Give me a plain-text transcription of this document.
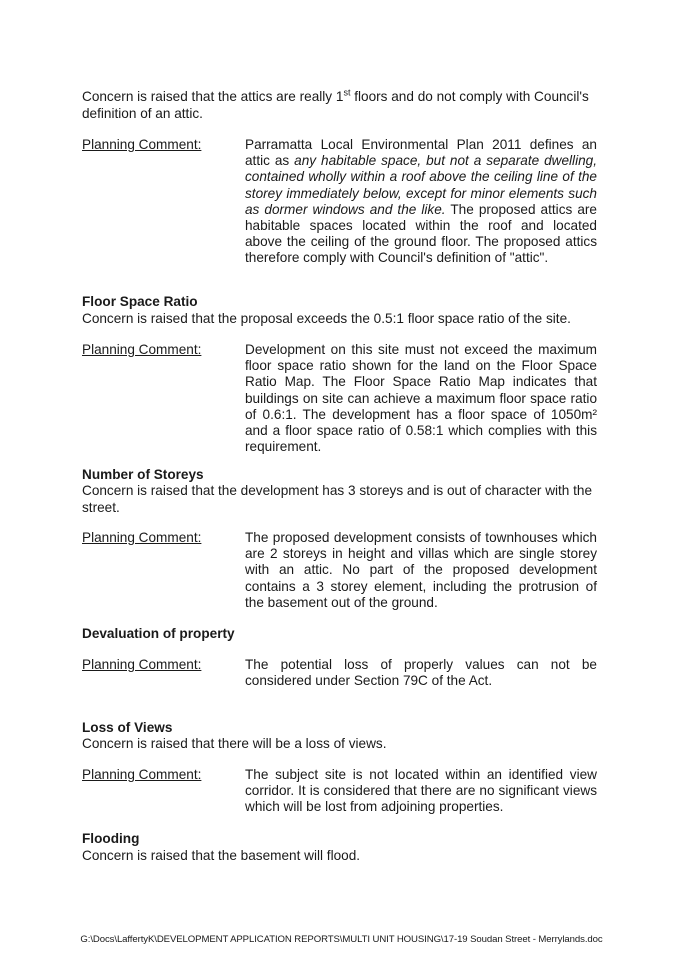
Concern is raised that the attics are really 1st floors and do not comply with Council's definition of an attic.
Planning Comment:	Parramatta Local Environmental Plan 2011 defines an attic as any habitable space, but not a separate dwelling, contained wholly within a roof above the ceiling line of the storey immediately below, except for minor elements such as dormer windows and the like. The proposed attics are habitable spaces located within the roof and located above the ceiling of the ground floor. The proposed attics therefore comply with Council's definition of "attic".
Floor Space Ratio
Concern is raised that the proposal exceeds the 0.5:1 floor space ratio of the site.
Planning Comment:	Development on this site must not exceed the maximum floor space ratio shown for the land on the Floor Space Ratio Map. The Floor Space Ratio Map indicates that buildings on site can achieve a maximum floor space ratio of 0.6:1. The development has a floor space of 1050m² and a floor space ratio of 0.58:1 which complies with this requirement.
Number of Storeys
Concern is raised that the development has 3 storeys and is out of character with the street.
Planning Comment:	The proposed development consists of townhouses which are 2 storeys in height and villas which are single storey with an attic. No part of the proposed development contains a 3 storey element, including the protrusion of the basement out of the ground.
Devaluation of property
Planning Comment:	The potential loss of properly values can not be considered under Section 79C of the Act.
Loss of Views
Concern is raised that there will be a loss of views.
Planning Comment:	The subject site is not located within an identified view corridor. It is considered that there are no significant views which will be lost from adjoining properties.
Flooding
Concern is raised that the basement will flood.
G:\Docs\LaffertyK\DEVELOPMENT APPLICATION REPORTS\MULTI UNIT HOUSING\17-19 Soudan Street - Merrylands.doc
